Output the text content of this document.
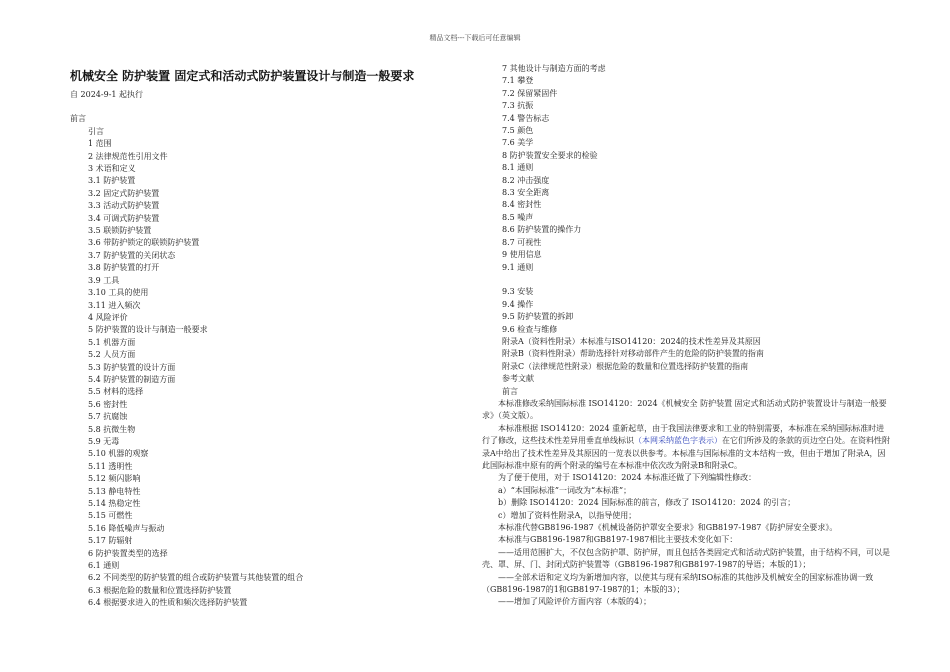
精品文档---下载后可任意编辑
机械安全 防护装置 固定式和活动式防护装置设计与制造一般要求
自 2024-9-1 起执行
前言
引言
1 范围
2 法律规范性引用文件
3 术语和定义
3.1 防护装置
3.2 固定式防护装置
3.3 活动式防护装置
3.4 可调式防护装置
3.5 联锁防护装置
3.6 带防护锁定的联锁防护装置
3.7 防护装置的关闭状态
3.8 防护装置的打开
3.9 工具
3.10 工具的使用
3.11 进入频次
4 风险评价
5 防护装置的设计与制造一般要求
5.1 机器方面
5.2 人员方面
5.3 防护装置的设计方面
5.4 防护装置的制造方面
5.5 材料的选择
5.6 密封性
5.7 抗腐蚀
5.8 抗微生物
5.9 无毒
5.10 机器的观察
5.11 透明性
5.12 频闪影响
5.13 静电特性
5.14 热稳定性
5.15 可燃性
5.16 降低噪声与振动
5.17 防辐射
6 防护装置类型的选择
6.1 通则
6.2 不同类型的防护装置的组合或防护装置与其他装置的组合
6.3 根据危险的数量和位置选择防护装置
6.4 根据要求进入的性质和频次选择防护装置
7 其他设计与制造方面的考虑
7.1 攀登
7.2 保留紧固件
7.3 抗振
7.4 警告标志
7.5 颜色
7.6 美学
8 防护装置安全要求的检验
8.1 通则
8.2 冲击强度
8.3 安全距离
8.4 密封性
8.5 噪声
8.6 防护装置的操作力
8.7 可视性
9 使用信息
9.1 通则
9.3 安装
9.4 操作
9.5 防护装置的拆卸
9.6 检查与维修
附录A（资料性附录）本标准与ISO14120：2024的技术性差异及其原因
附录B（资料性附录）帮助选择针对移动部件产生的危险的防护装置的指南
附录C（法律规范性附录）根据危险的数量和位置选择防护装置的指南
参考文献
前言
本标准修改采纳国际标准 ISO14120：2024《机械安全 防护装置 固定式和活动式防护装置设计与制造一般要求》（英文版）。
本标准根据 ISO14120：2024 重新起草，由于我国法律要求和工业的特别需要，本标准在采纳国际标准时进行了修改，这些技术性差异用垂直单线标识（本网采纳蓝色字表示）在它们所涉及的条款的页边空白处。在资料性附录A中给出了技术性差异及其原因的一览表以供参考。本标准与国际标准的文本结构一致，但由于增加了附录A，因此国际标准中原有的两个附录的编号在本标准中依次改为附录B和附录C。
为了便于使用，对于 ISO14120：2024 本标准还做了下列编辑性修改：
a）“本国际标准”一词改为“本标准”；
b）删除 ISO14120：2024 国际标准的前言，修改了 ISO14120：2024 的引言；
c）增加了资料性附录A，以指导使用；
本标准代替GB8196-1987《机械设备防护罩安全要求》和GB8197-1987《防护屏安全要求》。
本标准与GB8196-1987和GB8197-1987相比主要技术变化如下：
——适用范围扩大，不仅包含防护罩、防护屏，而且包括各类固定式和活动式防护装置，由于结构不同，可以是壳、罩、屏、门、封闭式防护装置等（GB8196-1987和GB8197-1987的导语；本版的1）；
——全部术语和定义均为新增加内容，以使其与现有采纳ISO标准的其他涉及机械安全的国家标准协调一致（GB8196-1987的1和GB8197-1987的1；本版的3）；
——增加了风险评价方面内容（本版的4）；
